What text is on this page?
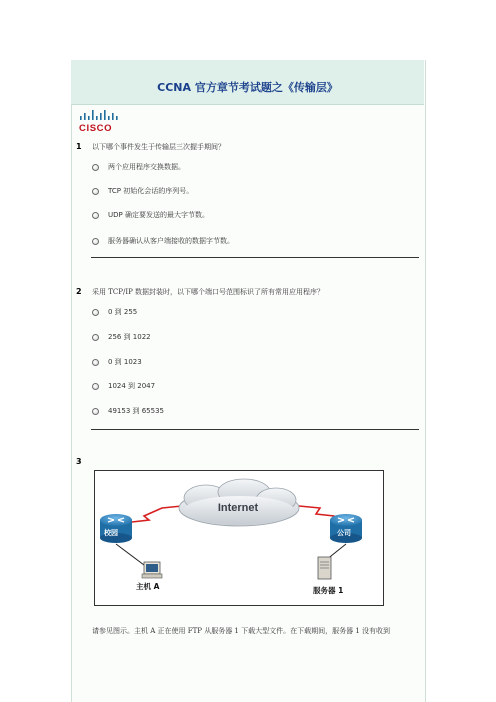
CCNA 官方章节考试题之《传输层》
CISCO
1 以下哪个事件发生于传输层三次握手期间？
两个应用程序交换数据。
TCP 初始化会话的序列号。
UDP 确定要发送的最大字节数。
服务器确认从客户端接收的数据字节数。
2 采用 TCP/IP 数据封装时，以下哪个端口号范围标识了所有常用应用程序？
0 到 255
256 到 1022
0 到 1023
1024 到 2047
49153 到 65535
3
Internet
校园	公司
主机 A	服务器 1
请参见图示。主机 A 正在使用 FTP 从服务器 1 下载大型文件。在下载期间，服务器 1 没有收到
